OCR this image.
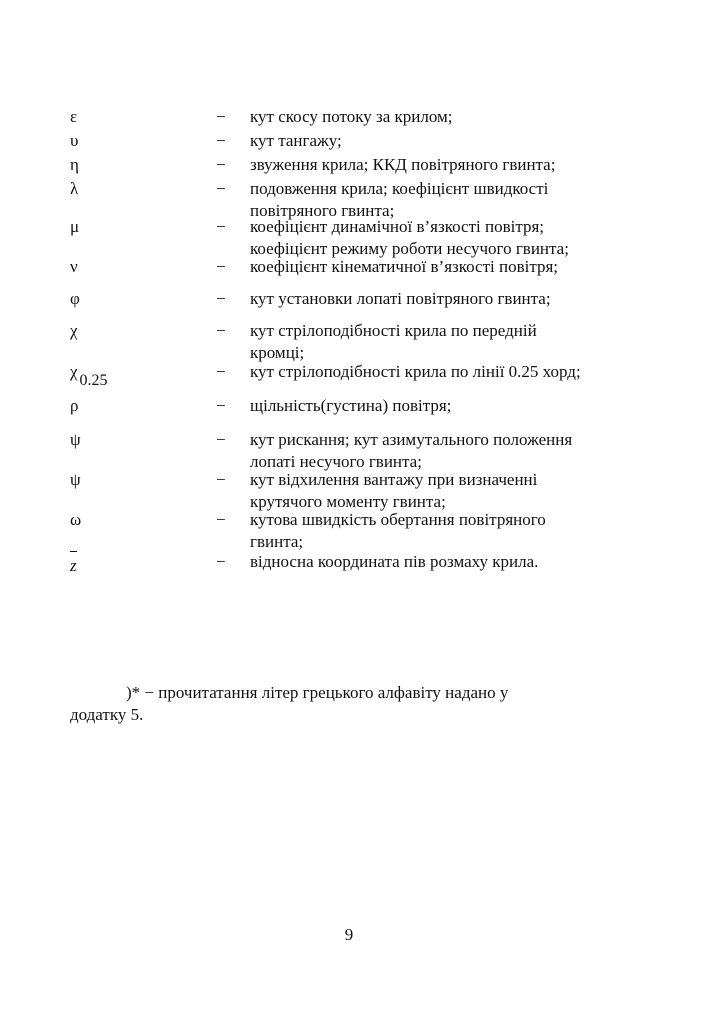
ε	− кут скосу потоку за крилом;
υ	− кут тангажу;
η	− звуження крила; ККД повітряного гвинта;
λ	− подовження крила; коефіцієнт швидкості
повітряного гвинта;
μ	− коефіцієнт динамічної в’язкості повітря;
коефіцієнт режиму роботи несучого гвинта;
ν	− коефіцієнт кінематичної в’язкості повітря;
φ	− кут установки лопаті повітряного гвинта;
χ	− кут стрілоподібності крила по передній
кромці;
χ 0.25	− кут стрілоподібності крила по лінії 0.25 хорд;
ρ	− щільність(густина) повітря;
ψ	− кут рискання; кут азимутального положення
лопаті несучого гвинта;
ψ	− кут відхилення вантажу при визначенні
крутячого моменту гвинта;
ω	− кутова швидкість обертання повітряного
гвинта;
z	− відносна координата пів розмаху крила.
)* − прочитатання літер грецького алфавіту надано у
додатку 5.
9
